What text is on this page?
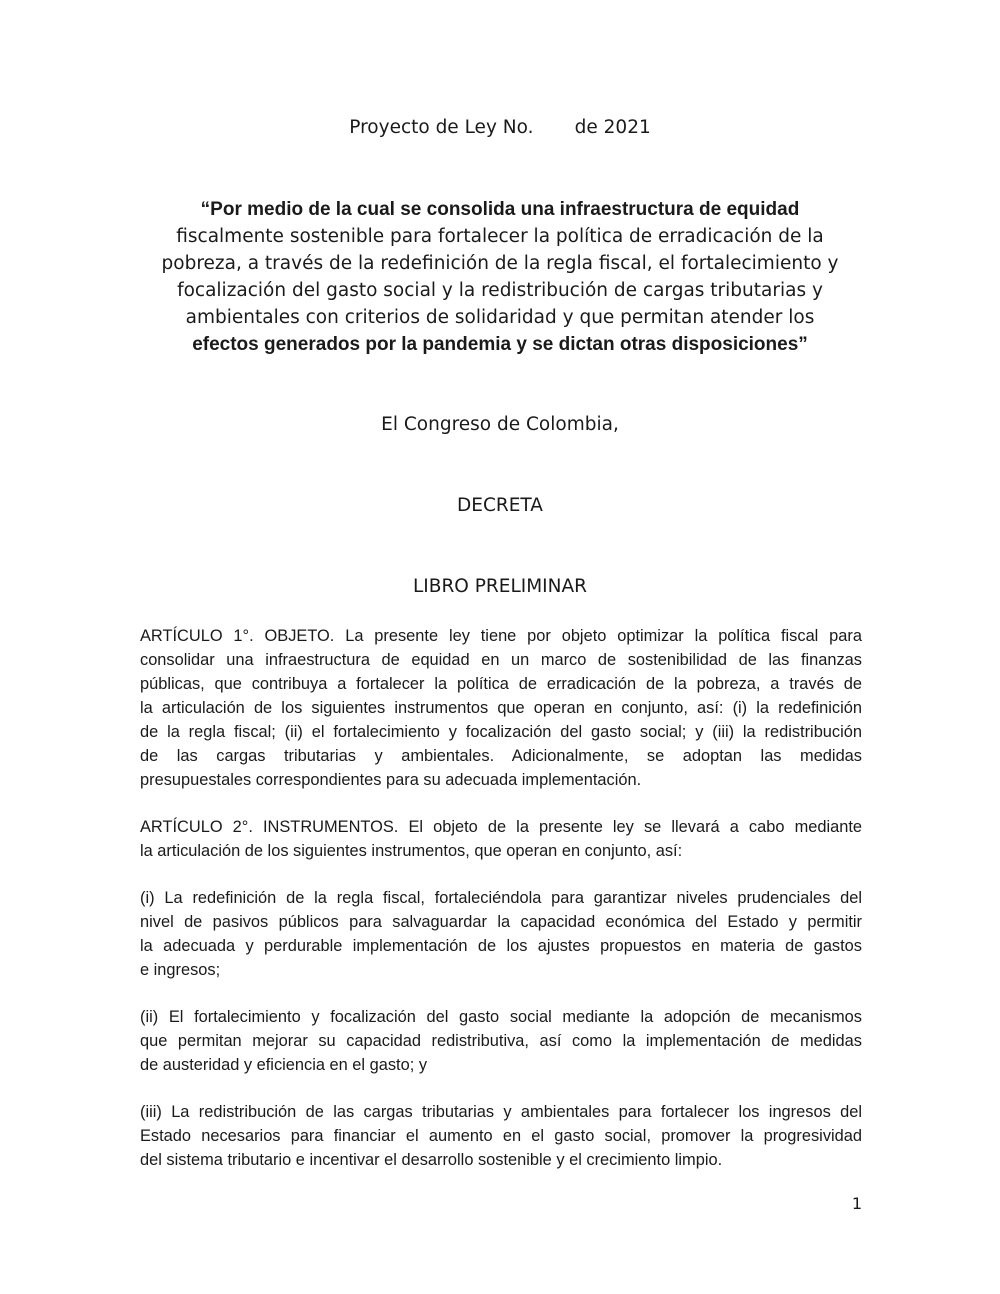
Proyecto de Ley No.       de 2021
“Por medio de la cual se consolida una infraestructura de equidad
fiscalmente sostenible para fortalecer la política de erradicación de la
pobreza, a través de la redefinición de la regla fiscal, el fortalecimiento y
focalización del gasto social y la redistribución de cargas tributarias y
ambientales con criterios de solidaridad y que permitan atender los
efectos generados por la pandemia y se dictan otras disposiciones”
El Congreso de Colombia,
DECRETA
LIBRO PRELIMINAR
ARTÍCULO 1°. OBJETO. La presente ley tiene por objeto optimizar la política fiscal para
consolidar una infraestructura de equidad en un marco de sostenibilidad de las finanzas
públicas, que contribuya a fortalecer la política de erradicación de la pobreza, a través de
la articulación de los siguientes instrumentos que operan en conjunto, así: (i) la redefinición
de la regla fiscal; (ii) el fortalecimiento y focalización del gasto social; y (iii) la redistribución
de las cargas tributarias y ambientales. Adicionalmente, se adoptan las medidas
presupuestales correspondientes para su adecuada implementación.
ARTÍCULO 2°. INSTRUMENTOS. El objeto de la presente ley se llevará a cabo mediante
la articulación de los siguientes instrumentos, que operan en conjunto, así:
(i) La redefinición de la regla fiscal, fortaleciéndola para garantizar niveles prudenciales del
nivel de pasivos públicos para salvaguardar la capacidad económica del Estado y permitir
la adecuada y perdurable implementación de los ajustes propuestos en materia de gastos
e ingresos;
(ii) El fortalecimiento y focalización del gasto social mediante la adopción de mecanismos
que permitan mejorar su capacidad redistributiva, así como la implementación de medidas
de austeridad y eficiencia en el gasto; y
(iii) La redistribución de las cargas tributarias y ambientales para fortalecer los ingresos del
Estado necesarios para financiar el aumento en el gasto social, promover la progresividad
del sistema tributario e incentivar el desarrollo sostenible y el crecimiento limpio.
1
